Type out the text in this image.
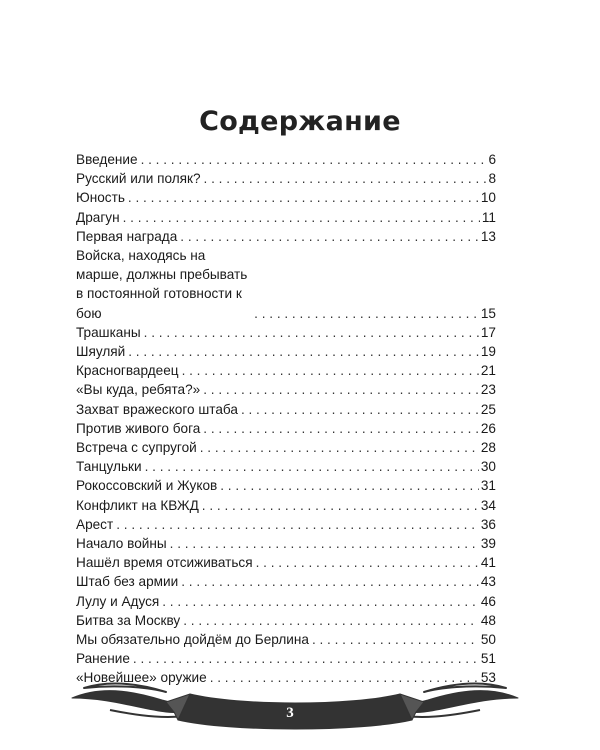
Содержание
Введение . . .	6
Русский или поляк? . . .	8
Юность . . .	10
Драгун . . .	11
Первая награда . . .	13
Войска, находясь на марше, должны пребывать в постоянной готовности к бою . . .	15
Трашканы . . .	17
Шяуляй . . .	19
Красногвардеец . . .	21
«Вы куда, ребята?» . . .	23
Захват вражеского штаба . . .	25
Против живого бога . . .	26
Встреча с супругой . . .	28
Танцульки . . .	30
Рокоссовский и Жуков . . .	31
Конфликт на КВЖД . . .	34
Арест . . .	36
Начало войны . . .	39
Нашёл время отсиживаться . . .	41
Штаб без армии . . .	43
Лулу и Адуся . . .	46
Битва за Москву . . .	48
Мы обязательно дойдём до Берлина . . .	50
Ранение . . .	51
«Новейшее» оружие . . .	53
3
